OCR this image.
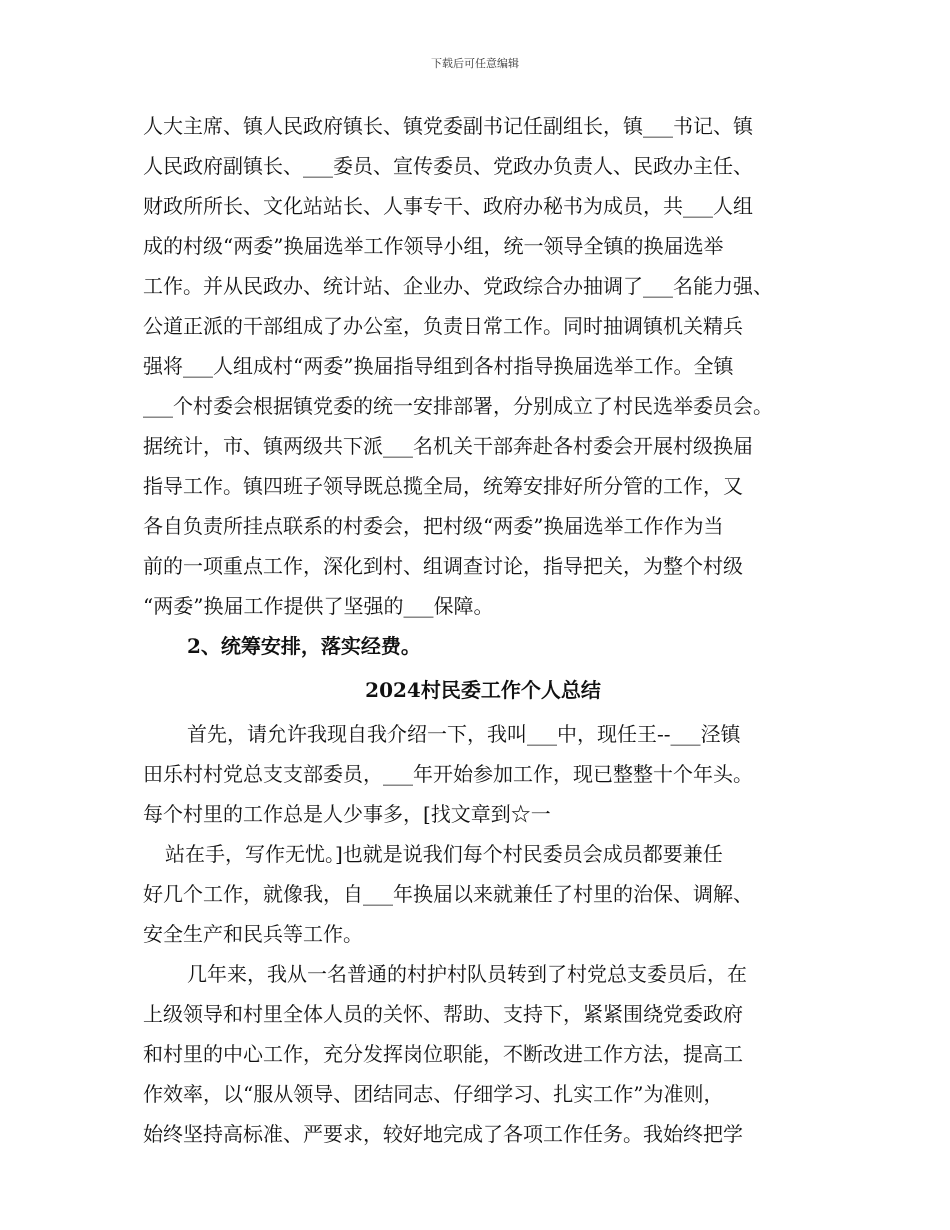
下载后可任意编辑
人大主席、镇人民政府镇长、镇党委副书记任副组长，镇___书记、镇
人民政府副镇长、___委员、宣传委员、党政办负责人、民政办主任、
财政所所长、文化站站长、人事专干、政府办秘书为成员，共___人组
成的村级“两委”换届选举工作领导小组，统一领导全镇的换届选举
工作。并从民政办、统计站、企业办、党政综合办抽调了___名能力强、
公道正派的干部组成了办公室，负责日常工作。同时抽调镇机关精兵
强将___人组成村“两委”换届指导组到各村指导换届选举工作。全镇
___个村委会根据镇党委的统一安排部署，分别成立了村民选举委员会。
据统计，市、镇两级共下派___名机关干部奔赴各村委会开展村级换届
指导工作。镇四班子领导既总揽全局，统筹安排好所分管的工作，又
各自负责所挂点联系的村委会，把村级“两委”换届选举工作作为当
前的一项重点工作，深化到村、组调查讨论，指导把关，为整个村级
“两委”换届工作提供了坚强的___保障。
2、统筹安排，落实经费。
2024村民委工作个人总结
首先，请允许我现自我介绍一下，我叫___中，现任王--___泾镇
田乐村村党总支支部委员，___年开始参加工作，现已整整十个年头。
每个村里的工作总是人少事多，[找文章到☆一
站在手，写作无忧。]也就是说我们每个村民委员会成员都要兼任
好几个工作，就像我，自___年换届以来就兼任了村里的治保、调解、
安全生产和民兵等工作。
几年来，我从一名普通的村护村队员转到了村党总支委员后，在
上级领导和村里全体人员的关怀、帮助、支持下，紧紧围绕党委政府
和村里的中心工作，充分发挥岗位职能，不断改进工作方法，提高工
作效率，以“服从领导、团结同志、仔细学习、扎实工作”为准则，
始终坚持高标准、严要求，较好地完成了各项工作任务。我始终把学
